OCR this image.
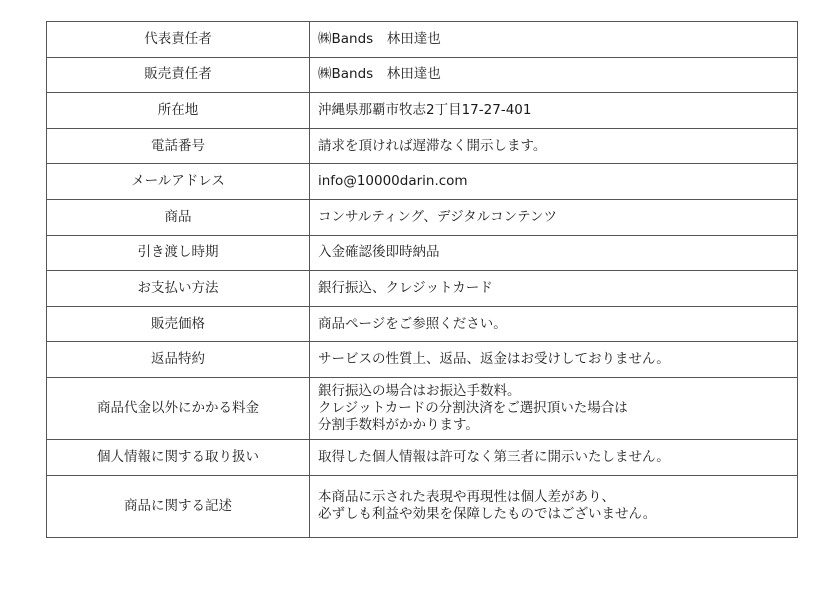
代表責任者	㈱Bands　林田達也

販売責任者	㈱Bands　林田達也

所在地	沖縄県那覇市牧志2丁目17-27-401

電話番号	請求を頂ければ遅滞なく開示します。

メールアドレス	info@10000darin.com

商品	コンサルティング、デジタルコンテンツ

引き渡し時期	入金確認後即時納品

お支払い方法	銀行振込、クレジットカード

販売価格	商品ページをご参照ください。

返品特約	サービスの性質上、返品、返金はお受けしておりません。

商品代金以外にかかる料金	銀行振込の場合はお振込手数料。
クレジットカードの分割決済をご選択頂いた場合は
分割手数料がかかります。

個人情報に関する取り扱い	取得した個人情報は許可なく第三者に開示いたしません。

商品に関する記述	本商品に示された表現や再現性は個人差があり、
必ずしも利益や効果を保障したものではございません。
